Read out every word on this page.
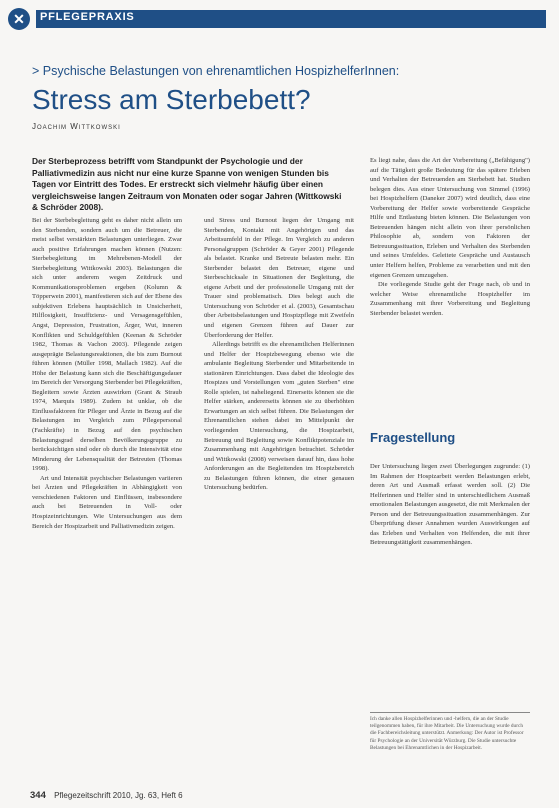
✕	PFLEGEPRAXIS
> Psychische Belastungen von ehrenamtlichen HospizhelferInnen:
Stress am Sterbebett?
Joachim Wittkowski
Der Sterbeprozess betrifft vom Standpunkt der Psychologie und der Palliativmedizin aus nicht nur eine kurze Spanne von wenigen Stunden bis Tagen vor Eintritt des Todes. Er erstreckt sich vielmehr häufig über einen vergleichsweise langen Zeitraum von Monaten oder sogar Jahren (Wittkowski & Schröder 2008).

Bei der Sterbebegleitung geht es daher nicht allein um den Sterbenden, sondern auch um die Betreuer, die meist selbst verstärkten Belastungen unterliegen. Zwar auch positive Erfahrungen machen können (Nutzen: Sterbebegleitung im Mehrebenen-Modell der Sterbebegleitung Wittkowski 2003). Belastungen die sich unter anderem wegen Zeitdruck und Kommunikationsproblemen ergeben (Kolumn & Töpperwein 2001), manifestieren sich auf der Ebene des subjektiven Erlebens hauptsächlich in Unsicherheit, Hilflosigkeit, Insuffizienz- und Versagensgefühlen, Angst, Depression, Frustration, Ärger, Wut, inneren Konflikten und Schuldgefühlen (Keenan & Schröder 1982, Thomas & Vachon 2003). Pflegende zeigen ausgeprägte Belastungsreaktionen, die bis zum Burnout führen können (Müller 1998, Mallach 1982). Auf die Höhe der Belastung kann sich die Beschäftigungsdauer im Bereich der Versorgung Sterbender bei Pflegekräften, Begleitern sowie Ärzten auswirken (Grant & Straub 1974, Marquis 1989). Zudem ist unklar, ob die Einflussfaktoren für Pfleger und Ärzte in Bezug auf die Belastungen im Vergleich zum Pflegepersonal (Fachkräfte) in Bezug auf den psychischen Belastungsgrad derselben Bevölkerungsgruppe zu berücksichtigen sind oder ob durch die Intensivität eine Minderung der Lebensqualität der Betreuten (Thomas 1998).

Art und Intensität psychischer Belastungen variieren bei Ärzten und Pflegekräften in Abhängigkeit von verschiedenen Faktoren und Einflüssen, insbesondere auch bei Betreuenden in Voll- oder Hospizeinrichtungen. Wie Untersuchungen aus dem Bereich der Hospizarbeit und Palliativmedizin zeigen.

und Stress und Burnout liegen der Umgang mit Sterbenden, Kontakt mit Angehörigen und das Arbeitsumfeld in der Pflege. Im Vergleich zu anderen Personalgruppen (Schröder & Geyer 2001) Pflegende als belastet. Kranke und Betreute belasten mehr. Ein Sterbender belastet den Betreuer, eigene und Sterbeschicksale in Situationen der Begleitung, die eigene Arbeit und der professionelle Umgang mit der Trauer sind problematisch. Dies belegt auch die Untersuchung von Schröder et al. (2003), Gesamtschau über Arbeitsbelastungen und Hospizpflege mit Zweifeln und eigenen Grenzen führen auf Dauer zur Überforderung der Helfer.

Allerdings betrifft es die ehrenamtlichen Helferinnen und Helfer der Hospizbewegung ebenso wie die ambulante Begleitung Sterbender und Mitarbeitende in stationären Einrichtungen. Dass dabei die Ideologie des Hospizes und Vorstellungen vom „guten Sterben" eine Rolle spielen, ist naheliegend. Einerseits können sie die Helfer stärken, andererseits können sie zu überhöhten Erwartungen an sich selbst führen. Die Belastungen der Ehrenamtlichen stehen dabei im Mittelpunkt der vorliegenden Untersuchung, die Hospizarbeit, Betreuung und Begleitung sowie Konfliktpotenziale im Zusammenhang mit Angehörigen betrachtet. Schröder und Wittkowski (2008) verweisen darauf hin, dass hohe Anforderungen an die Begleitenden im Hospizbereich zu Belastungen führen können, die einer genauen Untersuchung bedürfen.

Es liegt nahe, dass die Art der Vorbereitung („Befähigung") auf die Tätigkeit große Bedeutung für das spätere Erleben und Verhalten der Betreuenden am Sterbebett hat. Studien belegen dies. Aus einer Untersuchung von Simmel (1996) bei Hospizhelfern (Daneker 2007) wird deutlich, dass eine Vorbereitung der Helfer sowie vorbereitende Gespräche Hilfe und Entlastung bieten können. Die Belastungen von Betreuenden hängen nicht allein von ihrer persönlichen Philosophie ab, sondern von Faktoren der Betreuungssituation, Erleben und Verhalten des Sterbenden und seines Umfeldes. Geleitete Gespräche und Austausch unter Helfern helfen, Probleme zu verarbeiten und mit den eigenen Grenzen umzugehen.

Die vorliegende Studie geht der Frage nach, ob und in welcher Weise ehrenamtliche Hospizhelfer im Zusammenhang mit ihrer Vorbereitung und Begleitung Sterbender belastet werden.

Fragestellung

Der Untersuchung liegen zwei Überlegungen zugrunde: (1) Im Rahmen der Hospizarbeit werden Belastungen erlebt, deren Art und Ausmaß erfasst werden soll. (2) Die Helferinnen und Helfer sind in unterschiedlichem Ausmaß emotionalen Belastungen ausgesetzt, die mit Merkmalen der Person und der Betreuungssituation zusammenhängen. Zur Überprüfung dieser Annahmen wurden Auswirkungen auf das Erleben und Verhalten von Helfenden, die mit ihrer Betreuungstätigkeit zusammenhängen.

Ich danke allen Hospizhelferinnen und -helfern, die an der Studie teilgenommen haben, für ihre Mitarbeit. Die Untersuchung wurde durch die Fachbereichsleitung unterstützt. Anmerkung: Der Autor ist Professor für Psychologie an der Universität Würzburg. Die Studie untersuchte Belastungen bei Ehrenamtlichen in der Hospizarbeit.
344 Pflegezeitschrift 2010, Jg. 63, Heft 6
